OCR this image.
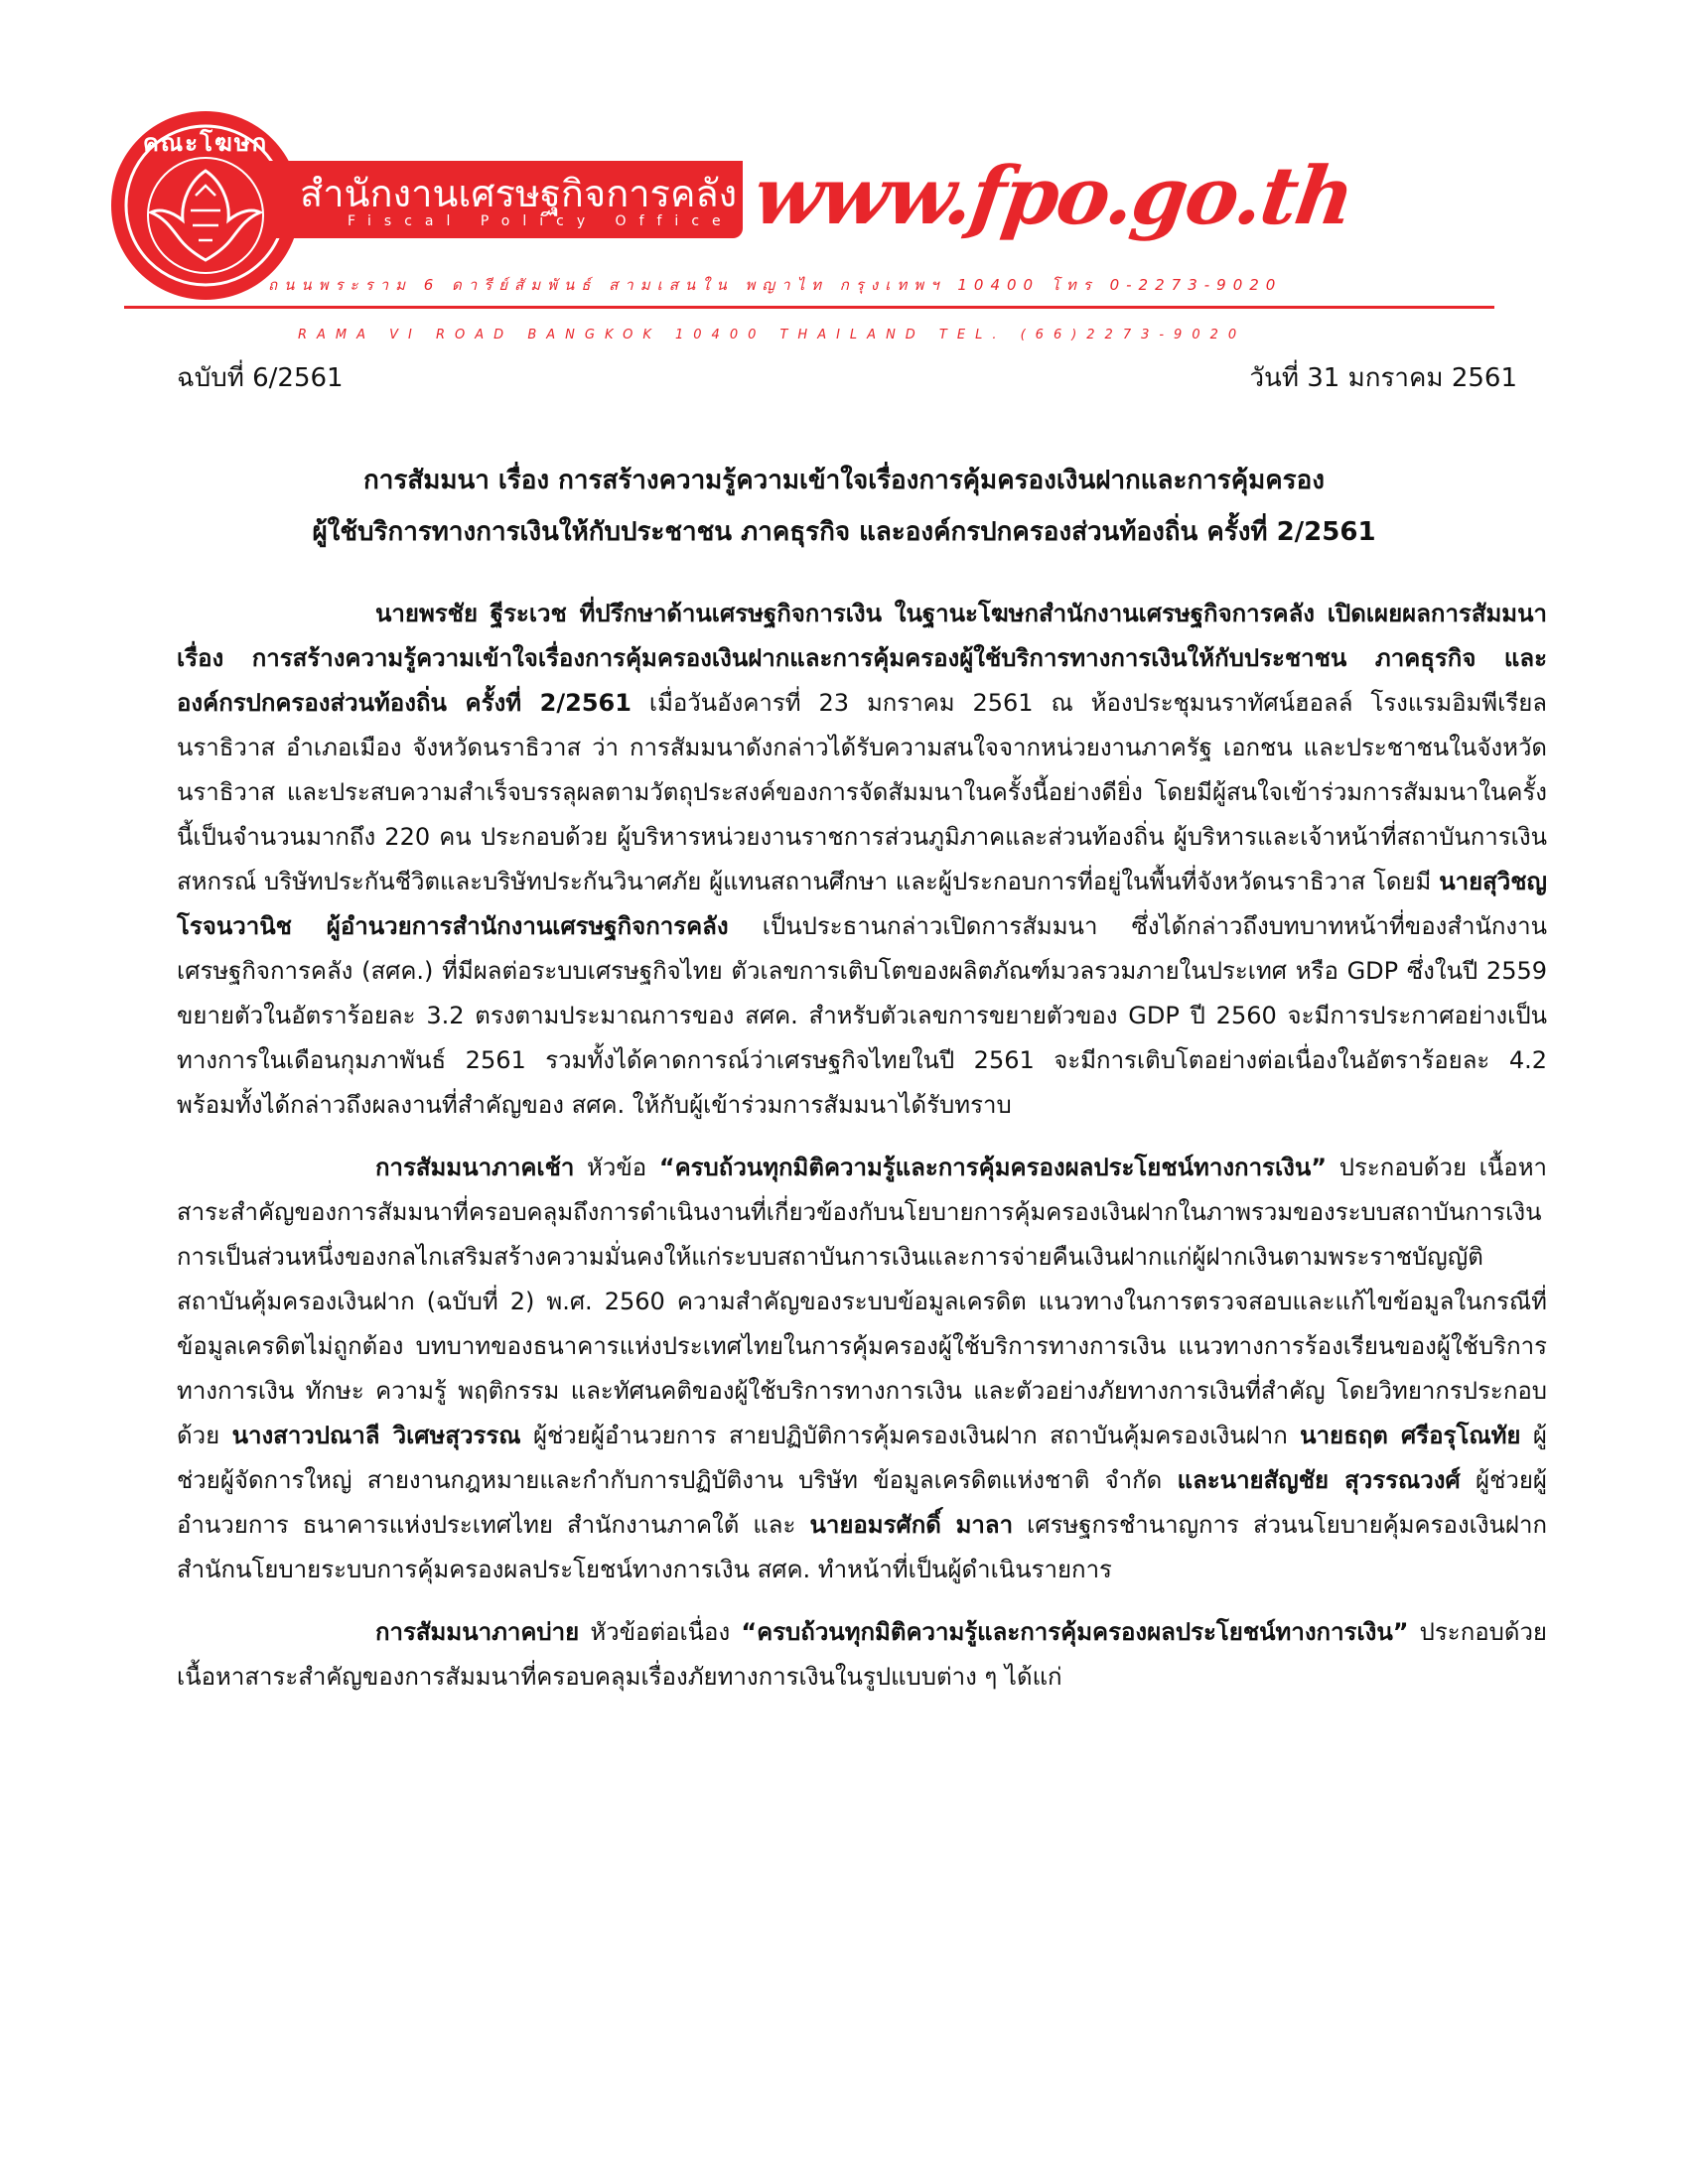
คณะโฆษก
สำนักงานเศรษฐกิจการคลัง
Fiscal Policy Office www.fpo.go.th
ถนนพระราม 6 ดารีย์สัมพันธ์ สามเสนใน พญาไท กรุงเทพฯ 10400 โทร 0-2273-9020
RAMA VI ROAD BANGKOK 10400 THAILAND TEL. (66)2273-9020
ฉบับที่ 6/2561	วันที่ 31 มกราคม 2561
การสัมมนา เรื่อง การสร้างความรู้ความเข้าใจเรื่องการคุ้มครองเงินฝากและการคุ้มครอง
ผู้ใช้บริการทางการเงินให้กับประชาชน ภาคธุรกิจ และองค์กรปกครองส่วนท้องถิ่น ครั้งที่ 2/2561

นายพรชัย ฐีระเวช ที่ปรึกษาด้านเศรษฐกิจการเงิน ในฐานะโฆษกสำนักงานเศรษฐกิจการคลัง เปิดเผยผลการสัมมนา เรื่อง การสร้างความรู้ความเข้าใจเรื่องการคุ้มครองเงินฝากและการคุ้มครองผู้ใช้บริการทางการเงินให้กับประชาชน ภาคธุรกิจ และองค์กรปกครองส่วนท้องถิ่น ครั้งที่ 2/2561 เมื่อวันอังคารที่ 23 มกราคม 2561 ณ ห้องประชุมนราทัศน์ฮอลล์ โรงแรมอิมพีเรียลนราธิวาส อำเภอเมือง จังหวัดนราธิวาส ว่า การสัมมนาดังกล่าวได้รับความสนใจจากหน่วยงานภาครัฐ เอกชน และประชาชนในจังหวัดนราธิวาส และประสบความสำเร็จบรรลุผลตามวัตถุประสงค์ของการจัดสัมมนาในครั้งนี้อย่างดียิ่ง โดยมีผู้สนใจเข้าร่วมการสัมมนาในครั้งนี้เป็นจำนวนมากถึง 220 คน ประกอบด้วย ผู้บริหารหน่วยงานราชการส่วนภูมิภาคและส่วนท้องถิ่น ผู้บริหารและเจ้าหน้าที่สถาบันการเงิน สหกรณ์ บริษัทประกันชีวิตและบริษัทประกันวินาศภัย ผู้แทนสถานศึกษา และผู้ประกอบการที่อยู่ในพื้นที่จังหวัดนราธิวาส โดยมี นายสุวิชญ โรจนวานิช ผู้อำนวยการสำนักงานเศรษฐกิจการคลัง เป็นประธานกล่าวเปิดการสัมมนา ซึ่งได้กล่าวถึงบทบาทหน้าที่ของสำนักงานเศรษฐกิจการคลัง (สศค.) ที่มีผลต่อระบบเศรษฐกิจไทย ตัวเลขการเติบโตของผลิตภัณฑ์มวลรวมภายในประเทศ หรือ GDP ซึ่งในปี 2559 ขยายตัวในอัตราร้อยละ 3.2 ตรงตามประมาณการของ สศค. สำหรับตัวเลขการขยายตัวของ GDP ปี 2560 จะมีการประกาศอย่างเป็นทางการในเดือนกุมภาพันธ์ 2561 รวมทั้งได้คาดการณ์ว่าเศรษฐกิจไทยในปี 2561 จะมีการเติบโตอย่างต่อเนื่องในอัตราร้อยละ 4.2 พร้อมทั้งได้กล่าวถึงผลงานที่สำคัญของ สศค. ให้กับผู้เข้าร่วมการสัมมนาได้รับทราบ

การสัมมนาภาคเช้า หัวข้อ “ครบถ้วนทุกมิติความรู้และการคุ้มครองผลประโยชน์ทางการเงิน” ประกอบด้วย เนื้อหาสาระสำคัญของการสัมมนาที่ครอบคลุมถึงการดำเนินงานที่เกี่ยวข้องกับนโยบายการคุ้มครองเงินฝากในภาพรวมของระบบสถาบันการเงิน การเป็นส่วนหนึ่งของกลไกเสริมสร้างความมั่นคงให้แก่ระบบสถาบันการเงินและการจ่ายคืนเงินฝากแก่ผู้ฝากเงินตามพระราชบัญญัติสถาบันคุ้มครองเงินฝาก (ฉบับที่ 2) พ.ศ. 2560 ความสำคัญของระบบข้อมูลเครดิต แนวทางในการตรวจสอบและแก้ไขข้อมูลในกรณีที่ข้อมูลเครดิตไม่ถูกต้อง บทบาทของธนาคารแห่งประเทศไทยในการคุ้มครองผู้ใช้บริการทางการเงิน แนวทางการร้องเรียนของผู้ใช้บริการทางการเงิน ทักษะ ความรู้ พฤติกรรม และทัศนคติของผู้ใช้บริการทางการเงิน และตัวอย่างภัยทางการเงินที่สำคัญ โดยวิทยากรประกอบด้วย นางสาวปณาลี วิเศษสุวรรณ ผู้ช่วยผู้อำนวยการ สายปฏิบัติการคุ้มครองเงินฝาก สถาบันคุ้มครองเงินฝาก นายธฤต ศรีอรุโณทัย ผู้ช่วยผู้จัดการใหญ่ สายงานกฎหมายและกำกับการปฏิบัติงาน บริษัท ข้อมูลเครดิตแห่งชาติ จำกัด และนายสัญชัย สุวรรณวงศ์ ผู้ช่วยผู้อำนวยการ ธนาคารแห่งประเทศไทย สำนักงานภาคใต้ และ นายอมรศักดิ์ มาลา เศรษฐกรชำนาญการ ส่วนนโยบายคุ้มครองเงินฝาก สำนักนโยบายระบบการคุ้มครองผลประโยชน์ทางการเงิน สศค. ทำหน้าที่เป็นผู้ดำเนินรายการ

การสัมมนาภาคบ่าย หัวข้อต่อเนื่อง “ครบถ้วนทุกมิติความรู้และการคุ้มครองผลประโยชน์ทางการเงิน” ประกอบด้วย เนื้อหาสาระสำคัญของการสัมมนาที่ครอบคลุมเรื่องภัยทางการเงินในรูปแบบต่าง ๆ ได้แก่
